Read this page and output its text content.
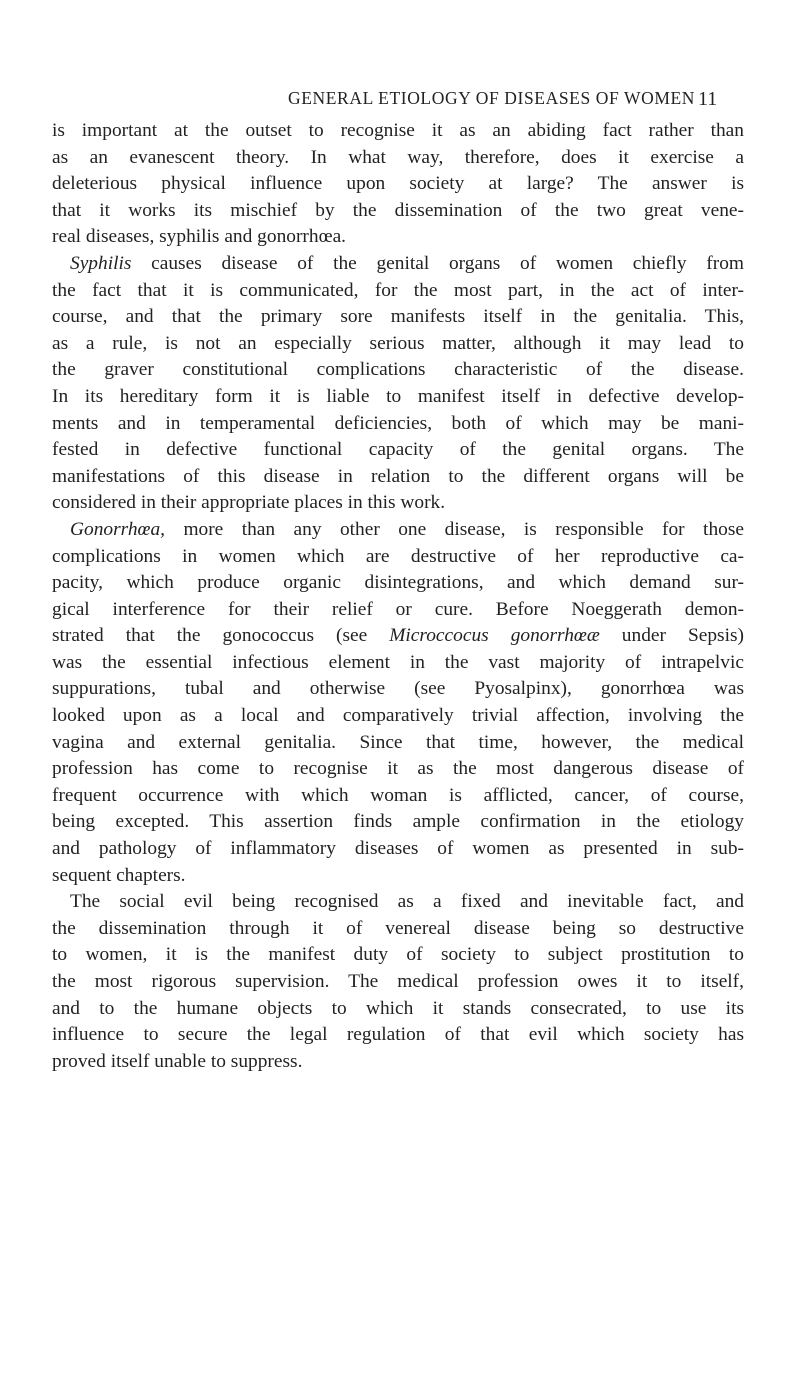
GENERAL ETIOLOGY OF DISEASES OF WOMEN 11
is important at the outset to recognise it as an abiding fact rather than
as an evanescent theory. In what way, therefore, does it exercise a
deleterious physical influence upon society at large? The answer is
that it works its mischief by the dissemination of the two great vene-
real diseases, syphilis and gonorrhœa.
Syphilis causes disease of the genital organs of women chiefly from
the fact that it is communicated, for the most part, in the act of inter-
course, and that the primary sore manifests itself in the genitalia. This,
as a rule, is not an especially serious matter, although it may lead to
the graver constitutional complications characteristic of the disease.
In its hereditary form it is liable to manifest itself in defective develop-
ments and in temperamental deficiencies, both of which may be mani-
fested in defective functional capacity of the genital organs. The
manifestations of this disease in relation to the different organs will be
considered in their appropriate places in this work.
Gonorrhœa, more than any other one disease, is responsible for those
complications in women which are destructive of her reproductive ca-
pacity, which produce organic disintegrations, and which demand sur-
gical interference for their relief or cure. Before Noeggerath demon-
strated that the gonococcus (see Microccocus gonorrhœæ under Sepsis)
was the essential infectious element in the vast majority of intrapelvic
suppurations, tubal and otherwise (see Pyosalpinx), gonorrhœa was
looked upon as a local and comparatively trivial affection, involving the
vagina and external genitalia. Since that time, however, the medical
profession has come to recognise it as the most dangerous disease of
frequent occurrence with which woman is afflicted, cancer, of course,
being excepted. This assertion finds ample confirmation in the etiology
and pathology of inflammatory diseases of women as presented in sub-
sequent chapters.
The social evil being recognised as a fixed and inevitable fact, and
the dissemination through it of venereal disease being so destructive
to women, it is the manifest duty of society to subject prostitution to
the most rigorous supervision. The medical profession owes it to itself,
and to the humane objects to which it stands consecrated, to use its
influence to secure the legal regulation of that evil which society has
proved itself unable to suppress.
